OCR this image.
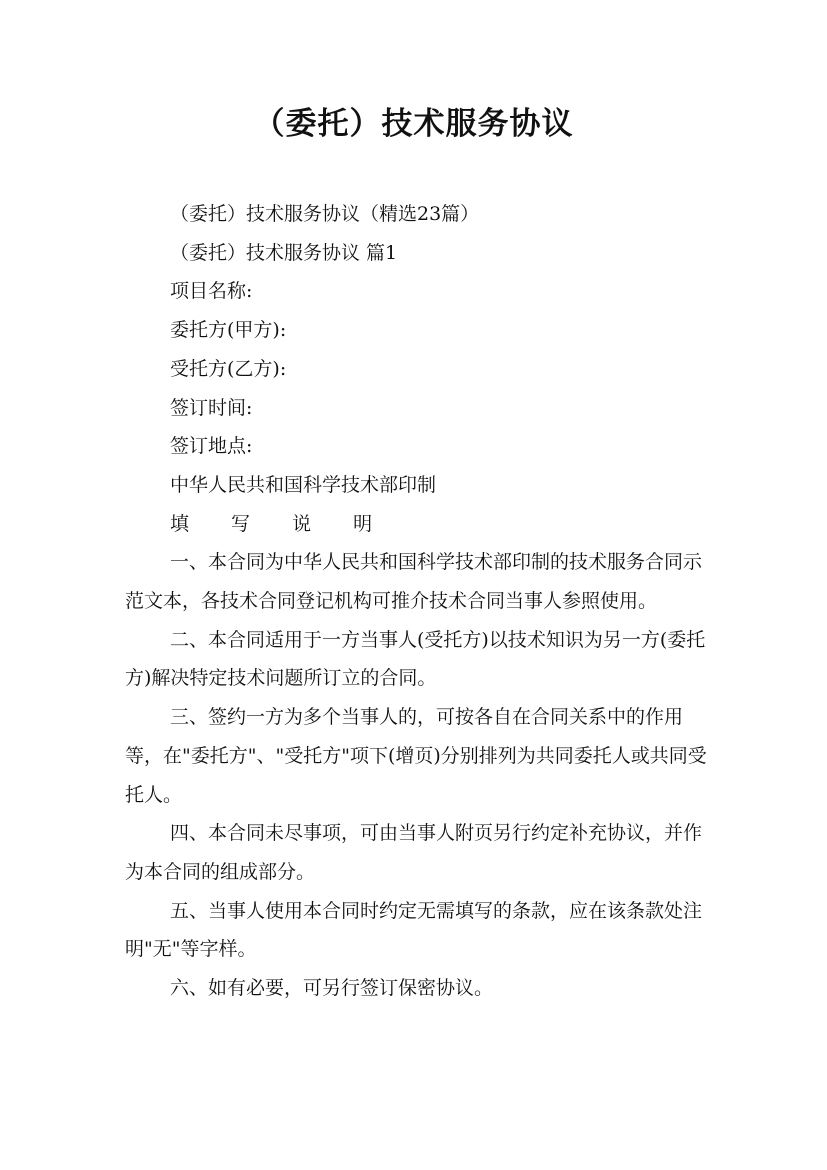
（委托）技术服务协议

（委托）技术服务协议（精选23篇）

（委托）技术服务协议 篇1

项目名称:

委托方(甲方):

受托方(乙方):

签订时间:

签订地点:

中华人民共和国科学技术部印制

填 写 说 明

一、本合同为中华人民共和国科学技术部印制的技术服务合同示范文本，各技术合同登记机构可推介技术合同当事人参照使用。

二、本合同适用于一方当事人(受托方)以技术知识为另一方(委托方)解决特定技术问题所订立的合同。

三、签约一方为多个当事人的，可按各自在合同关系中的作用等，在"委托方"、"受托方"项下(增页)分别排列为共同委托人或共同受托人。

四、本合同未尽事项，可由当事人附页另行约定补充协议，并作为本合同的组成部分。

五、当事人使用本合同时约定无需填写的条款，应在该条款处注明"无"等字样。

六、如有必要，可另行签订保密协议。
